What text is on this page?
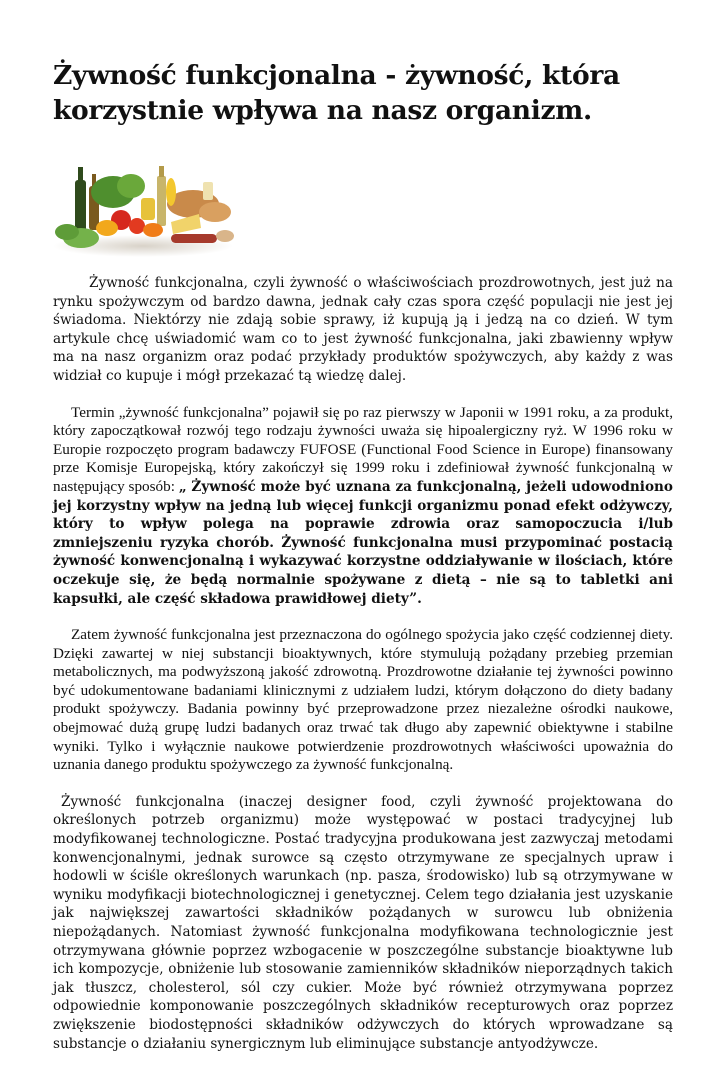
Żywność funkcjonalna - żywność, która korzystnie wpływa na nasz organizm.

Żywność funkcjonalna, czyli żywność o właściwościach prozdrowotnych, jest już na rynku spożywczym od bardzo dawna, jednak cały czas spora część populacji nie jest jej świadoma. Niektórzy nie zdają sobie sprawy, iż kupują ją i jedzą na co dzień. W tym artykule chcę uświadomić wam co to jest żywność funkcjonalna, jaki zbawienny wpływ ma na nasz organizm oraz podać przykłady produktów spożywczych, aby każdy z was widział co kupuje i mógł przekazać tą wiedzę dalej.

Termin „żywność funkcjonalna” pojawił się po raz pierwszy w Japonii w 1991 roku, a za produkt, który zapoczątkował rozwój tego rodzaju żywności uważa się hipoalergiczny ryż. W 1996 roku w Europie rozpoczęto program badawczy FUFOSE (Functional Food Science in Europe) finansowany prze Komisje Europejską, który zakończył się 1999 roku i zdefiniował żywność funkcjonalną w następujący sposób: „ Żywność może być uznana za funkcjonalną, jeżeli udowodniono jej korzystny wpływ na jedną lub więcej funkcji organizmu ponad efekt odżywczy, który to wpływ polega na poprawie zdrowia oraz samopoczucia i/lub zmniejszeniu ryzyka chorób. Żywność funkcjonalna musi przypominać postacią żywność konwencjonalną i wykazywać korzystne oddziaływanie w ilościach, które oczekuje się, że będą normalnie spożywane z dietą – nie są to tabletki ani kapsułki, ale część składowa prawidłowej diety”.

Zatem żywność funkcjonalna jest przeznaczona do ogólnego spożycia jako część codziennej diety. Dzięki zawartej w niej substancji bioaktywnych, które stymulują pożądany przebieg przemian metabolicznych, ma podwyższoną jakość zdrowotną. Prozdrowotne działanie tej żywności powinno być udokumentowane badaniami klinicznymi z udziałem ludzi, którym dołączono do diety badany produkt spożywczy. Badania powinny być przeprowadzone przez niezależne ośrodki naukowe, obejmować dużą grupę ludzi badanych oraz trwać tak długo aby zapewnić obiektywne i stabilne wyniki. Tylko i wyłącznie naukowe potwierdzenie prozdrowotnych właściwości upoważnia do uznania danego produktu spożywczego za żywność funkcjonalną.

Żywność funkcjonalna (inaczej designer food, czyli żywność projektowana do określonych potrzeb organizmu) może występować w postaci tradycyjnej lub modyfikowanej technologiczne. Postać tradycyjna produkowana jest zazwyczaj metodami konwencjonalnymi, jednak surowce są często otrzymywane ze specjalnych upraw i hodowli w ściśle określonych warunkach (np. pasza, środowisko) lub są otrzymywane w wyniku modyfikacji biotechnologicznej i genetycznej. Celem tego działania jest uzyskanie jak największej zawartości składników pożądanych w surowcu lub obniżenia niepożądanych. Natomiast żywność funkcjonalna modyfikowana technologicznie jest otrzymywana głównie poprzez wzbogacenie w poszczególne substancje bioaktywne lub ich kompozycje, obniżenie lub stosowanie zamienników składników nieporządnych takich jak tłuszcz, cholesterol, sól czy cukier. Może być również otrzymywana poprzez odpowiednie komponowanie poszczególnych składników recepturowych oraz poprzez zwiększenie biodostępności składników odżywczych do których wprowadzane są substancje o działaniu synergicznym lub eliminujące substancje antyodżywcze.
